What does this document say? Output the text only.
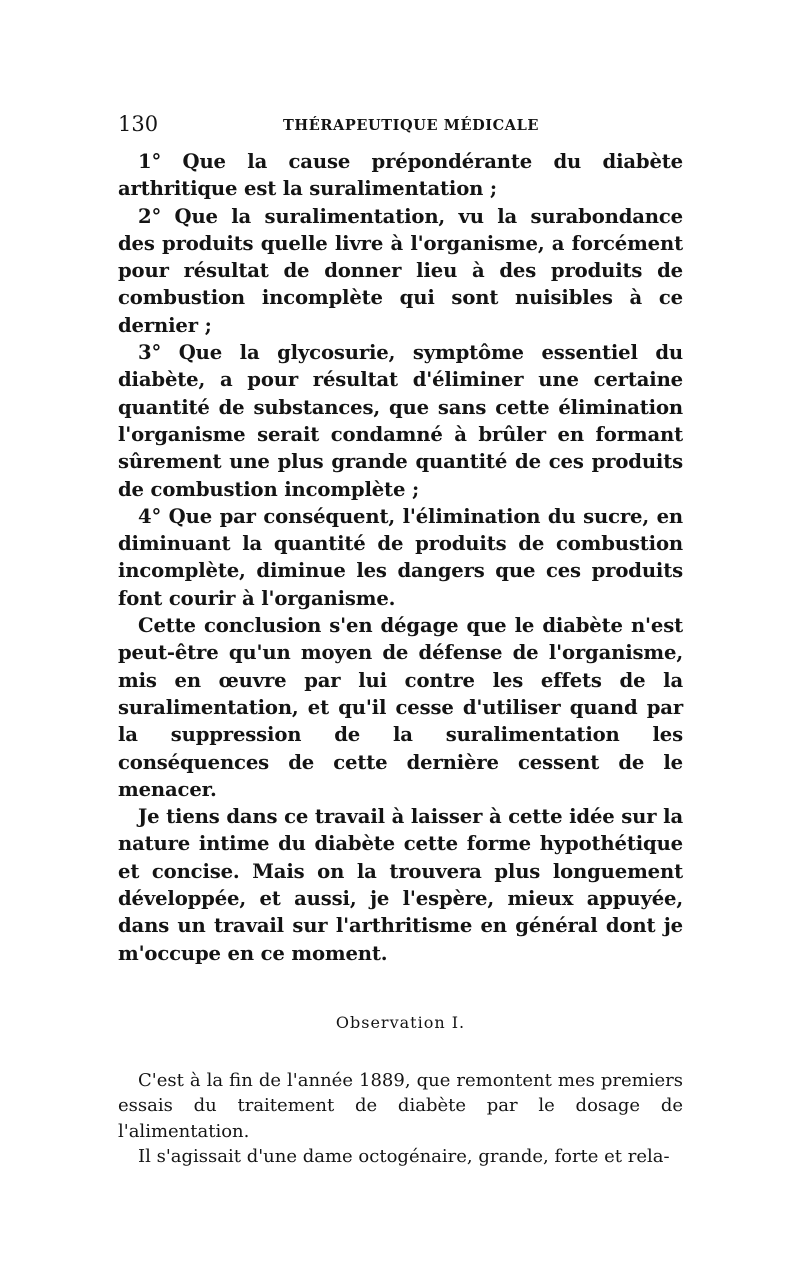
130	THÉRAPEUTIQUE MÉDICALE

1° Que la cause prépondérante du diabète arthritique est la suralimentation ;

2° Que la suralimentation, vu la surabondance des produits quelle livre à l'organisme, a forcément pour résultat de donner lieu à des produits de combustion incomplète qui sont nuisibles à ce dernier ;

3° Que la glycosurie, symptôme essentiel du diabète, a pour résultat d'éliminer une certaine quantité de substances, que sans cette élimination l'organisme serait condamné à brûler en formant sûrement une plus grande quantité de ces produits de combustion incomplète ;

4° Que par conséquent, l'élimination du sucre, en diminuant la quantité de produits de combustion incomplète, diminue les dangers que ces produits font courir à l'organisme.

Cette conclusion s'en dégage que le diabète n'est peut-être qu'un moyen de défense de l'organisme, mis en œuvre par lui contre les effets de la suralimentation, et qu'il cesse d'utiliser quand par la suppression de la suralimentation les conséquences de cette dernière cessent de le menacer.

Je tiens dans ce travail à laisser à cette idée sur la nature intime du diabète cette forme hypothétique et concise. Mais on la trouvera plus longuement développée, et aussi, je l'espère, mieux appuyée, dans un travail sur l'arthritisme en général dont je m'occupe en ce moment.

Observation I.

C'est à la fin de l'année 1889, que remontent mes premiers essais du traitement de diabète par le dosage de l'alimentation.

Il s'agissait d'une dame octogénaire, grande, forte et rela-
